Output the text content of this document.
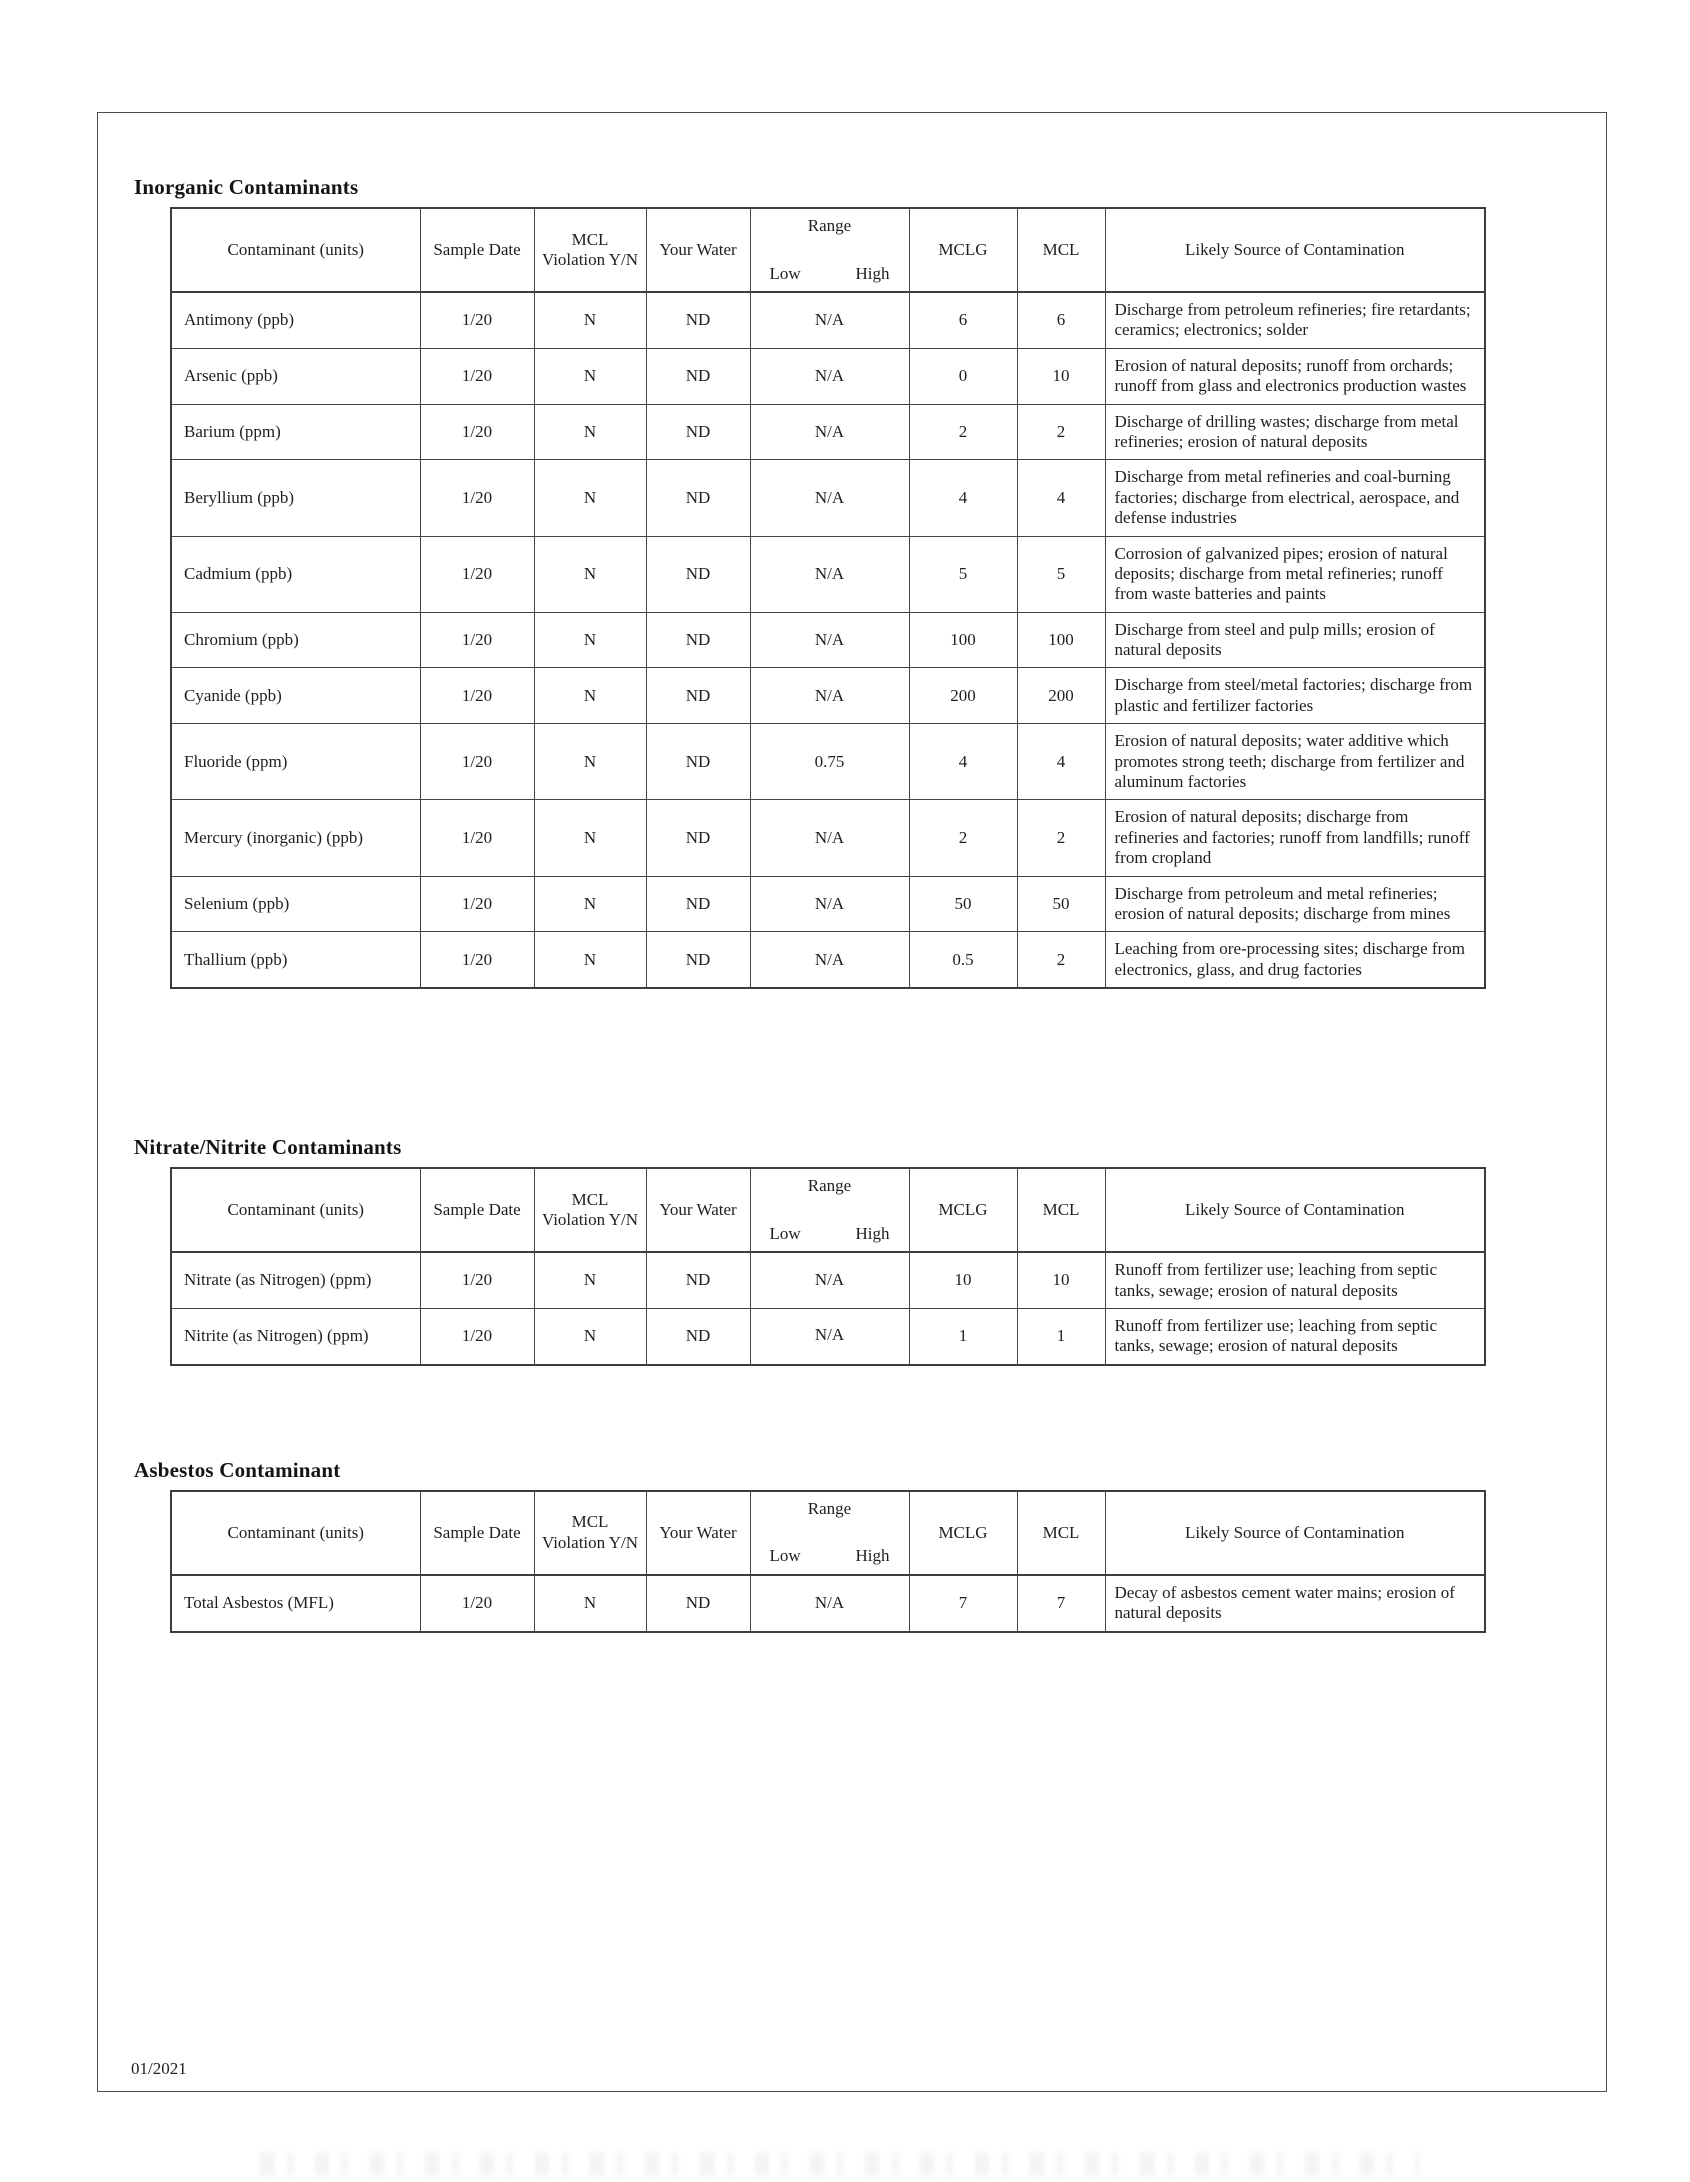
Inorganic Contaminants
Contaminant (units)	Sample Date	MCL Violation Y/N	Your Water	Range
Low High	MCLG	MCL	Likely Source of Contamination
Antimony (ppb)	1/20	N	ND	N/A	6	6	Discharge from petroleum refineries; fire retardants; ceramics; electronics; solder
Arsenic (ppb)	1/20	N	ND	N/A	0	10	Erosion of natural deposits; runoff from orchards; runoff from glass and electronics production wastes
Barium (ppm)	1/20	N	ND	N/A	2	2	Discharge of drilling wastes; discharge from metal refineries; erosion of natural deposits
Beryllium (ppb)	1/20	N	ND	N/A	4	4	Discharge from metal refineries and coal-burning factories; discharge from electrical, aerospace, and defense industries
Cadmium (ppb)	1/20	N	ND	N/A	5	5	Corrosion of galvanized pipes; erosion of natural deposits; discharge from metal refineries; runoff from waste batteries and paints
Chromium (ppb)	1/20	N	ND	N/A	100	100	Discharge from steel and pulp mills; erosion of natural deposits
Cyanide (ppb)	1/20	N	ND	N/A	200	200	Discharge from steel/metal factories; discharge from plastic and fertilizer factories
Fluoride (ppm)	1/20	N	ND	0.75	4	4	Erosion of natural deposits; water additive which promotes strong teeth; discharge from fertilizer and aluminum factories
Mercury (inorganic) (ppb)	1/20	N	ND	N/A	2	2	Erosion of natural deposits; discharge from refineries and factories; runoff from landfills; runoff from cropland
Selenium (ppb)	1/20	N	ND	N/A	50	50	Discharge from petroleum and metal refineries; erosion of natural deposits; discharge from mines
Thallium (ppb)	1/20	N	ND	N/A	0.5	2	Leaching from ore-processing sites; discharge from electronics, glass, and drug factories
Nitrate/Nitrite Contaminants
Contaminant (units)	Sample Date	MCL Violation Y/N	Your Water	Range
Low High	MCLG	MCL	Likely Source of Contamination
Nitrate (as Nitrogen) (ppm)	1/20	N	ND	N/A	10	10	Runoff from fertilizer use; leaching from septic tanks, sewage; erosion of natural deposits
Nitrite (as Nitrogen) (ppm)	1/20	N	ND	N/A	1	1	Runoff from fertilizer use; leaching from septic tanks, sewage; erosion of natural deposits
Asbestos Contaminant
Contaminant (units)	Sample Date	MCL Violation Y/N	Your Water	Range
Low High	MCLG	MCL	Likely Source of Contamination
Total Asbestos (MFL)	1/20	N	ND	N/A	7	7	Decay of asbestos cement water mains; erosion of natural deposits
01/2021
